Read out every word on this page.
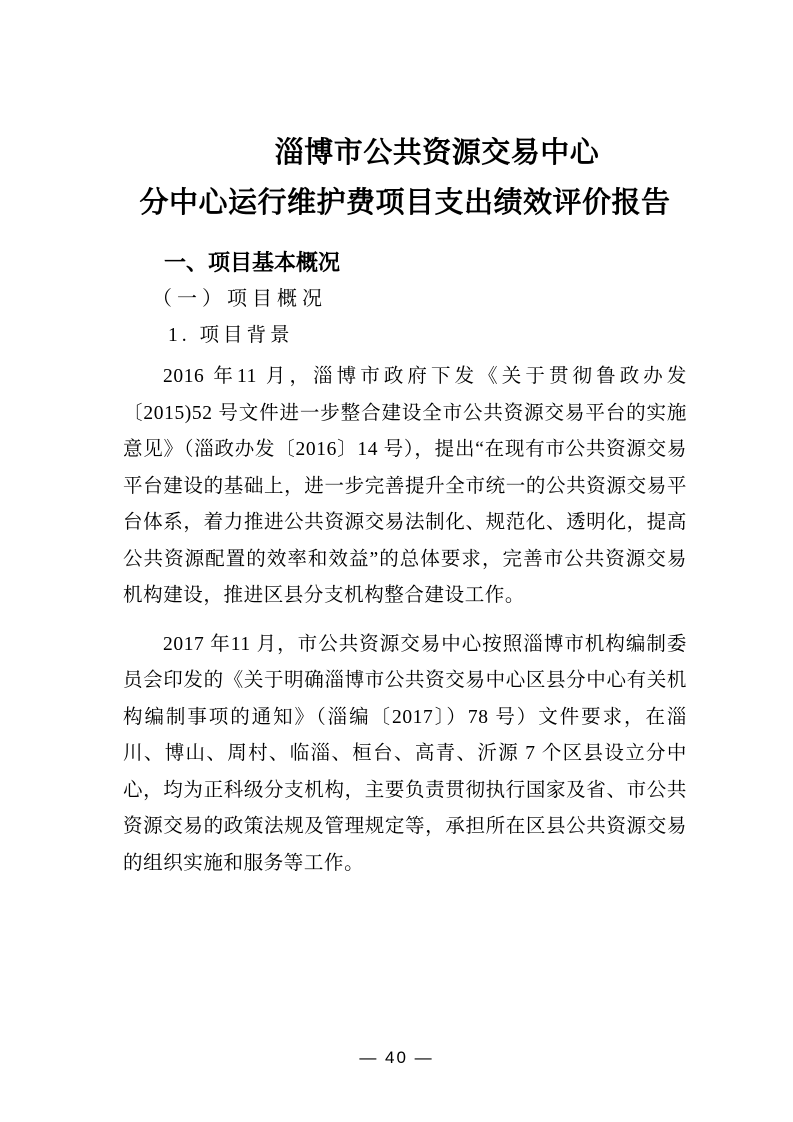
淄博市公共资源交易中心
分中心运行维护费项目支出绩效评价报告
一、项目基本概况
（一）项目概况
1. 项目背景

2016 年11 月，淄博市政府下发《关于贯彻鲁政办发〔2015)52 号文件进一步整合建设全市公共资源交易平台的实施意见》（淄政办发〔2016〕14 号），提出“在现有市公共资源交易平台建设的基础上，进一步完善提升全市统一的公共资源交易平台体系，着力推进公共资源交易法制化、规范化、透明化，提高公共资源配置的效率和效益”的总体要求，完善市公共资源交易机构建设，推进区县分支机构整合建设工作。

2017 年11 月，市公共资源交易中心按照淄博市机构编制委员会印发的《关于明确淄博市公共资交易中心区县分中心有关机构编制事项的通知》（淄编〔2017〕）78 号）文件要求，在淄川、博山、周村、临淄、桓台、高青、沂源 7 个区县设立分中心，均为正科级分支机构，主要负责贯彻执行国家及省、市公共资源交易的政策法规及管理规定等，承担所在区县公共资源交易的组织实施和服务等工作。

— 40 —
